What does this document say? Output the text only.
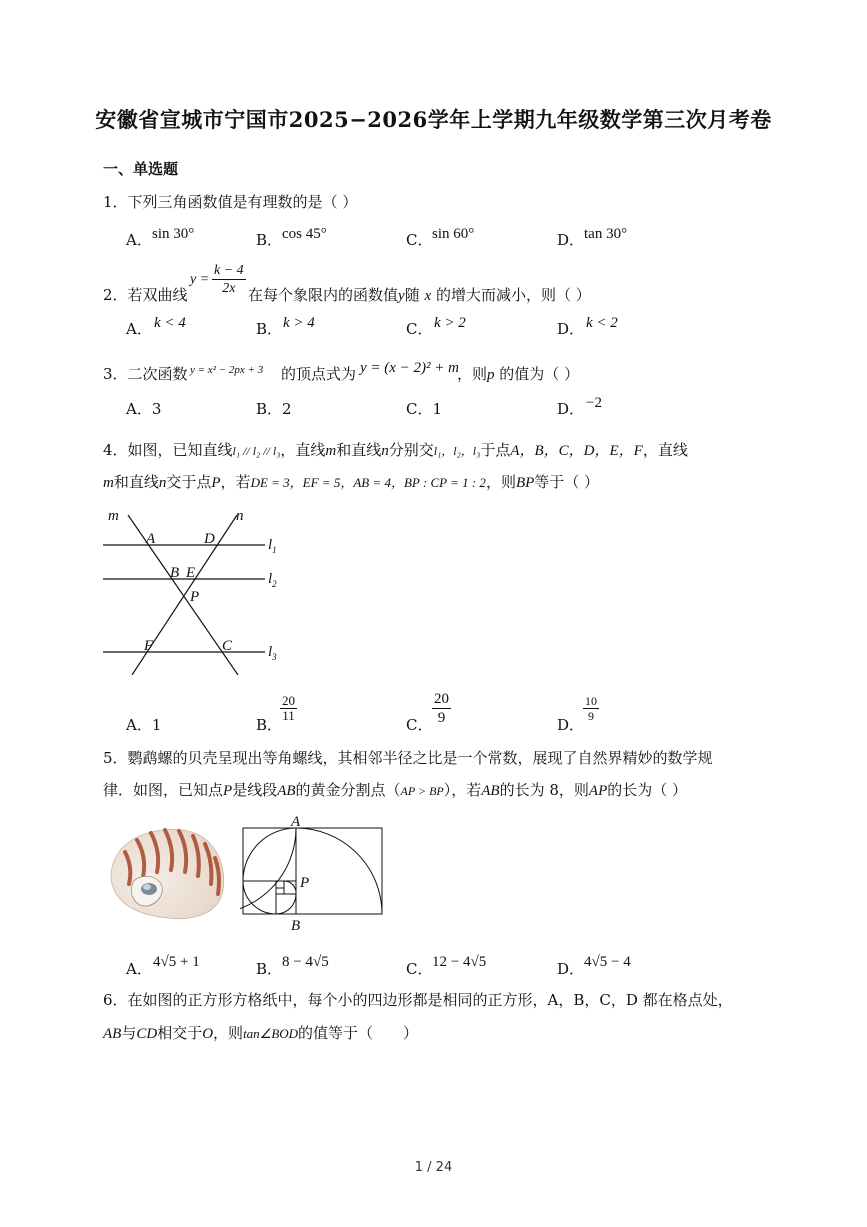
安徽省宣城市宁国市2025−2026学年上学期九年级数学第三次月考卷
一、单选题
1．下列三角函数值是有理数的是（ ）
A． sin 30°	B． cos 45°	C． sin 60°	D． tan 30°
2．若双曲线
$y = \frac{k - 4}{2x}$ 在每个象限内的函数值y随 x 的增大而减小，则（ ）
A． k < 4	B． k > 4	C． k > 2	D． k < 2
3．二次函数 y = x² − 2px + 3 的顶点式为 y = (x − 2)² + m
，则p 的值为（ ）
A．3	B．2	C．1	D． −2
4．如图，已知直线l₁ // l₂ // l₃，直线m和直线n分别交l₁，l₂，l₃于点A，B，C，D，E，F，直线
m和直线n交于点P，若DE = 3，EF = 5，AB = 4，BP : CP = 1 : 2，则BP等于（ ）
m	n
A	D
B E
P
F	C
$l_1$
$l_2$
$l_3$
A．1	B．
$\frac{20}{11}$
C． $\frac{20}{9}$	D．
$\frac{10}{9}$
5．鹦鹉螺的贝壳呈现出等角螺线，其相邻半径之比是一个常数，展现了自然界精妙的数学规
律．如图，已知点P是线段AB的黄金分割点（AP > BP），若AB的长为 8，则AP的长为（ ）
A
B
P
A． 4√5 + 1	B． 8 − 4√5	C． 12 − 4√5	D． 4√5 − 4
6．在如图的正方形方格纸中，每个小的四边形都是相同的正方形，A，B，C，D 都在格点处，
AB与CD相交于O，则tan∠BOD的值等于（　　）
1 / 24
